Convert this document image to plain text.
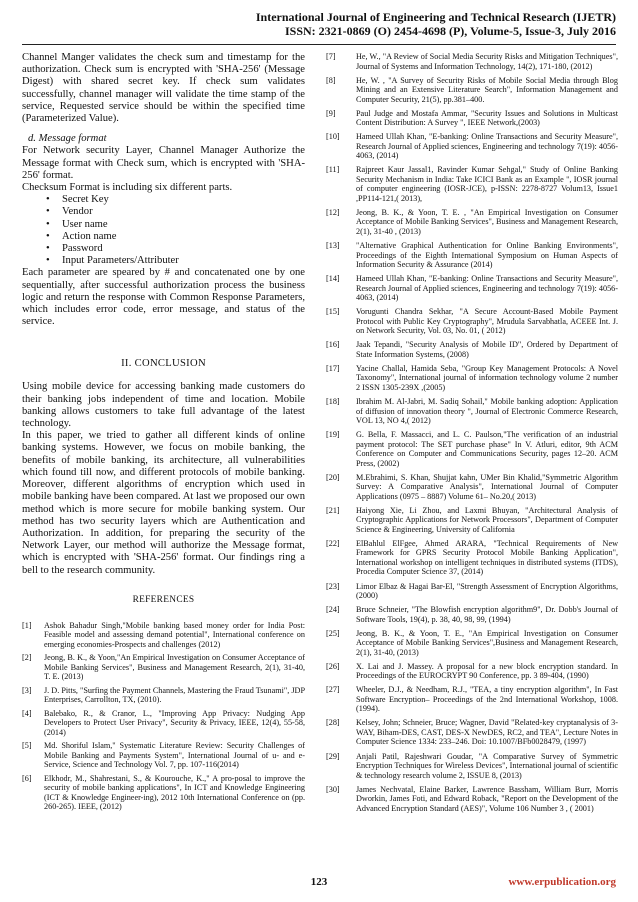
International Journal of Engineering and Technical Research (IJETR)
ISSN: 2321-0869 (O) 2454-4698 (P), Volume-5, Issue-3, July 2016

Channel Manger validates the check sum and timestamp for the authorization. Check sum is encrypted with 'SHA-256' (Message Digest) with shared secret key. If check sum validates successfully, channel manager will validate the time stamp of the service, Requested service should be within the specified time (Parameterized Value).

d. Message format

For Network security Layer, Channel Manager Authorize the Message format with Check sum, which is encrypted with 'SHA-256' format.

Checksum Format is including six different parts.

• Secret Key
• Vendor
• User name
• Action name
• Password
• Input Parameters/Attributer

Each parameter are speared by # and concatenated one by one sequentially, after successful authorization process the business logic and return the response with Common Response Parameters, which includes error code, error message, and status of the service.

II. CONCLUSION

Using mobile device for accessing banking made customers do their banking jobs independent of time and location. Mobile banking allows customers to take full advantage of the latest technology.

In this paper, we tried to gather all different kinds of online banking systems. However, we focus on mobile banking, the benefits of mobile banking, its architecture, all vulnerabilities which found till now, and different protocols of mobile banking. Moreover, different algorithms of encryption which used in mobile banking have been compared. At last we proposed our own method which is more secure for mobile banking system. Our method has two security layers which are Authentication and Authorization. In addition, for preparing the security of the Network Layer, our method will authorize the Message format, which is encrypted with 'SHA-256' format. Our findings ring a bell to the research community.

REFERENCES
[1]	Ashok Bahadur Singh,"Mobile banking based money order for India Post: Feasible model and assessing demand potential", International conference on emerging economies-Prospects and challenges (2012)
[2]	Jeong, B. K., & Yoon,"An Empirical Investigation on Consumer Acceptance of Mobile Banking Services", Business and Management Research, 2(1), 31-40, T. E. (2013)
[3]	J. D. Pitts, "Surfing the Payment Channels, Mastering the Fraud Tsunami", JDP Enterprises, Carrollton, TX, (2010).
[4]	Balebako, R., & Cranor, L., "Improving App Privacy: Nudging App Developers to Protect User Privacy", Security & Privacy, IEEE, 12(4), 55-58, (2014)
[5]	Md. Shoriful Islam," Systematic Literature Review: Security Challenges of Mobile Banking and Payments System", International Journal of u- and e- Service, Science and Technology Vol. 7, pp. 107-116(2014)
[6]	Elkhodr, M., Shahrestani, S., & Kourouche, K.," A pro-posal to improve the security of mobile banking applications", In ICT and Knowledge Engineering (ICT & Knowledge Engineer-ing), 2012 10th International Conference on (pp. 260-265). IEEE, (2012)
[7]	He, W., "A Review of Social Media Security Risks and Mitigation Techniques", Journal of Systems and Information Technology, 14(2), 171-180, (2012)
[8]	He, W. , "A Survey of Security Risks of Mobile Social Media through Blog Mining and an Extensive Literature Search", Information Management and Computer Security, 21(5), pp.381–400.
[9]	Paul Judge and Mostafa Ammar, "Security Issues and Solutions in Multicast Content Distribution: A Survey ", IEEE Network,(2003)
[10]	Hameed Ullah Khan, "E-banking: Online Transactions and Security Measure", Research Journal of Applied sciences, Engineering and technology 7(19): 4056-4063, (2014)
[11]	Rajpreet Kaur Jassal1, Ravinder Kumar Sehgal," Study of Online Banking Security Mechanism in India: Take ICICI Bank as an Example ", IOSR journal of computer engineering (IOSR-JCE), p-ISSN: 2278-8727 Volum13, Issue1 ,PP114-121,( 2013),
[12]	Jeong, B. K., & Yoon, T. E. , "An Empirical Investigation on Consumer Acceptance of Mobile Banking Services", Business and Management Research, 2(1), 31-40 , (2013)
[13]	"Alternative Graphical Authentication for Online Banking Environments", Proceedings of the Eighth International Symposium on Human Aspects of Information Security & Assurance (2014)
[14]	Hameed Ullah Khan, "E-banking: Online Transactions and Security Measure", Research Journal of Applied sciences, Engineering and technology 7(19): 4056-4063, (2014)
[15]	Vorugunti Chandra Sekhar, "A Secure Account-Based Mobile Payment Protocol with Public Key Cryptography", Mrudula Sarvabhatla, ACEEE Int. J. on Network Security, Vol. 03, No. 01, ( 2012)
[16]	Jaak Tepandi, "Security Analysis of Mobile ID", Ordered by Department of State Information Systems, (2008)
[17]	Yacine Challal, Hamida Seba, "Group Key Management Protocols: A Novel Taxonomy", International journal of information technology volume 2 number 2 ISSN 1305-239X ,(2005)
[18]	Ibrahim M. Al-Jabri, M. Sadiq Sohail," Mobile banking adoption: Application of diffusion of innovation theory ", Journal of Electronic Commerce Research, VOL 13, NO 4,( 2012)
[19]	G. Bella, F. Massacci, and L. C. Paulson,"The verification of an industrial payment protocol: The SET purchase phase" In V. Atluri, editor, 9th ACM Conference on Computer and Communications Security, pages 12–20. ACM Press, (2002)
[20]	M.Ebrahimi, S. Khan, Shujjat kahn, UMer Bin Khalid,"Symmetric Algorithm Survey: A Comparative Analysis", International Journal of Computer Applications (0975 – 8887) Volume 61– No.20,( 2013)
[21]	Haiyong Xie, Li Zhou, and Laxmi Bhuyan, "Architectural Analysis of Cryptographic Applications for Network Processors", Department of Computer Science & Engineering, University of California
[22]	ElBahlul ElFgee, Ahmed ARARA, "Technical Requirements of New Framework for GPRS Security Protocol Mobile Banking Application", International workshop on intelligent techniques in distributed systems (ITDS), Procedia Computer Science 37, (2014)
[23]	Limor Elbaz & Hagai Bar-El, "Strength Assessment of Encryption Algorithms, (2000)
[24]	Bruce Schneier, "The Blowfish encryption algorithm9", Dr. Dobb's Journal of Software Tools, 19(4), p. 38, 40, 98, 99, (1994)
[25]	Jeong, B. K., & Yoon, T. E., "An Empirical Investigation on Consumer Acceptance of Mobile Banking Services",Business and Management Research, 2(1), 31-40, (2013)
[26]	X. Lai and J. Massey. A proposal for a new block encryption standard. In Proceedings of the EUROCRYPT 90 Conference, pp. 3 89-404, (1990)
[27]	Wheeler, D.J., & Needham, R.J., "TEA, a tiny encryption algorithm", In Fast Software Encryption– Proceedings of the 2nd International Workshop, 1008. (1994).
[28]	Kelsey, John; Schneier, Bruce; Wagner, David "Related-key cryptanalysis of 3-WAY, Biham-DES, CAST, DES-X NewDES, RC2, and TEA", Lecture Notes in Computer Science 1334: 233–246. Doi: 10.1007/BFb0028479, (1997)
[29]	Anjali Patil, Rajeshwari Goudar, "A Comparative Survey of Symmetric Encryption Techniques for Wireless Devices", International journal of scientific & technology research volume 2, ISSUE 8, (2013)
[30]	James Nechvatal, Elaine Barker, Lawrence Bassham, William Burr, Morris Dworkin, James Foti, and Edward Roback, "Report on the Development of the Advanced Encryption Standard (AES)", Volume 106 Number 3 , ( 2001)
123	www.erpublication.org
